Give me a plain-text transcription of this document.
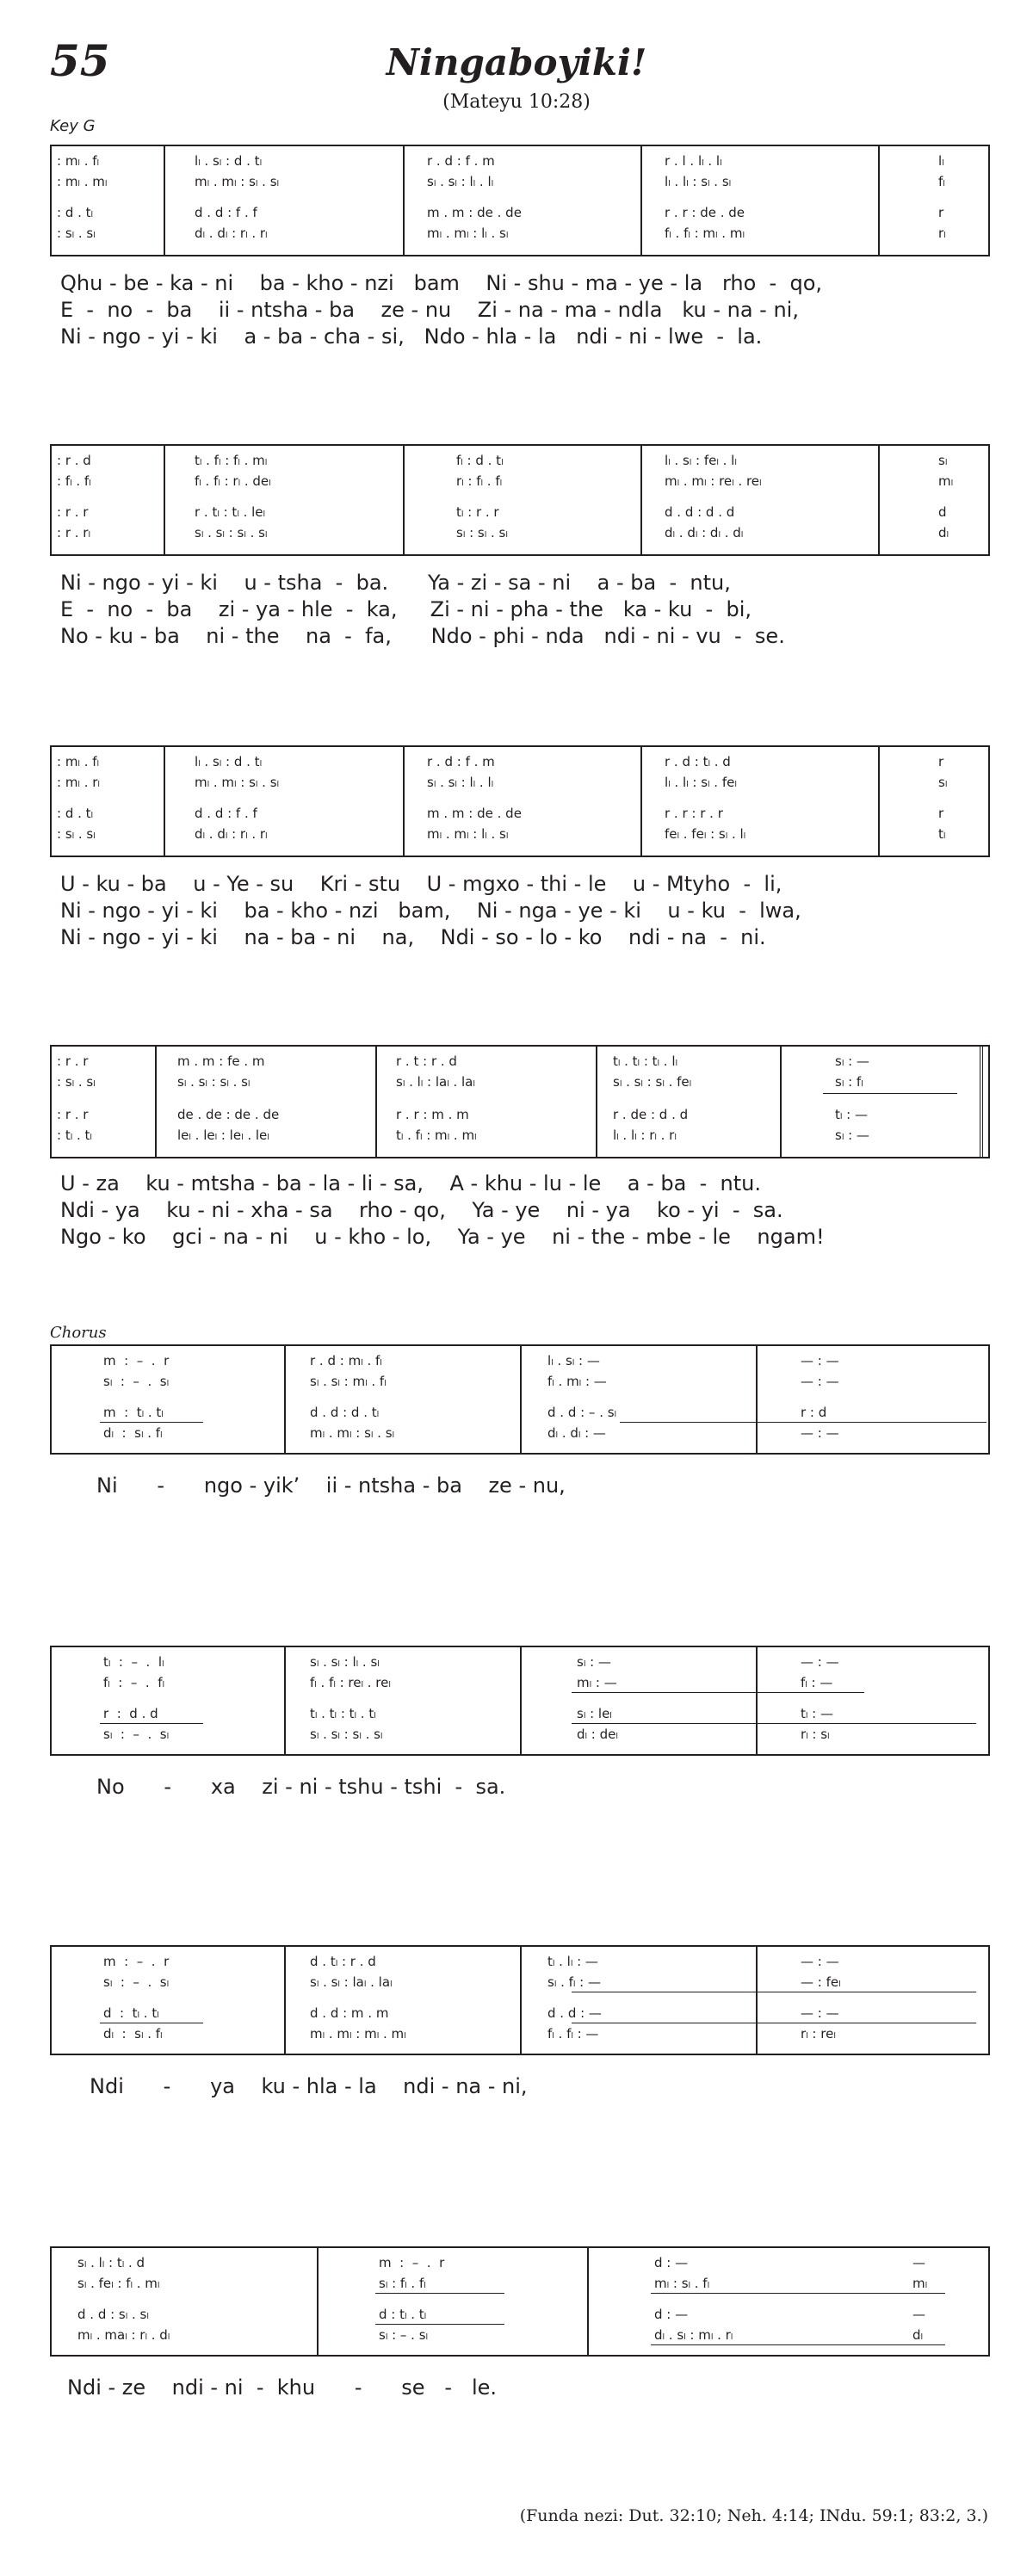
55	Ningaboyiki!
(Mateyu 10:28)
Key G
: mₗ . fₗ	lₗ . sₗ : d . tₗ	r . d : f . m	r . l . lₗ . lₗ	lₗ
: mₗ . mₗ	mₗ . mₗ : sₗ . sₗ	sₗ . sₗ : lₗ . lₗ	lₗ . lₗ : sₗ . sₗ	fₗ
: d . tₗ	d . d : f . f	m . m : de . de	r . r : de . de	r
: sₗ . sₗ	dₗ . dₗ : rₗ . rₗ	mₗ . mₗ : lₗ . sₗ	fₗ . fₗ : mₗ . mₗ	rₗ
Qhu - be - ka - ni    ba - kho - nzi   bam    Ni - shu - ma - ye - la   rho  -  qo,
E  -  no  -  ba    ii - ntsha - ba    ze - nu    Zi - na - ma - ndla   ku - na - ni,
Ni - ngo - yi - ki    a - ba - cha - si,   Ndo - hla - la   ndi - ni - lwe  -  la.
: r . d	tₗ . fₗ : fₗ . mₗ	fₗ : d . tₗ	lₗ . sₗ : feₗ . lₗ	sₗ
: fₗ . fₗ	fₗ . fₗ : rₗ . deₗ	rₗ : fₗ . fₗ	mₗ . mₗ : reₗ . reₗ	mₗ
: r . r	r . tₗ : tₗ . leₗ	tₗ : r . r	d . d : d . d	d
: r . rₗ	sₗ . sₗ : sₗ . sₗ	sₗ : sₗ . sₗ	dₗ . dₗ : dₗ . dₗ	dₗ
Ni - ngo - yi - ki    u - tsha  -  ba.      Ya - zi - sa - ni    a - ba  -  ntu,
E  -  no  -  ba    zi - ya - hle  -  ka,     Zi - ni - pha - the   ka - ku  -  bi,
No - ku - ba    ni - the    na  -  fa,      Ndo - phi - nda   ndi - ni - vu  -  se.
: mₗ . fₗ	lₗ . sₗ : d . tₗ	r . d : f . m	r . d : tₗ . d	r
: mₗ . rₗ	mₗ . mₗ : sₗ . sₗ	sₗ . sₗ : lₗ . lₗ	lₗ . lₗ : sₗ . feₗ	sₗ
: d . tₗ	d . d : f . f	m . m : de . de	r . r : r . r	r
: sₗ . sₗ	dₗ . dₗ : rₗ . rₗ	mₗ . mₗ : lₗ . sₗ	feₗ . feₗ : sₗ . lₗ	tₗ
U - ku - ba    u - Ye - su    Kri - stu    U - mgxo - thi - le    u - Mtyho  -  li,
Ni - ngo - yi - ki    ba - kho - nzi   bam,    Ni - nga - ye - ki    u - ku  -  lwa,
Ni - ngo - yi - ki    na - ba - ni    na,    Ndi - so - lo - ko    ndi - na  -  ni.
: r . r	m . m : fe . m	r . t : r . d	tₗ . tₗ : tₗ . lₗ	sₗ : —
: sₗ . sₗ	sₗ . sₗ : sₗ . sₗ	sₗ . lₗ : laₗ . laₗ	sₗ . sₗ : sₗ . feₗ	sₗ : fₗ
: r . r	de . de : de . de	r . r : m . m	r . de : d . d	tₗ : —
: tₗ . tₗ	leₗ . leₗ : leₗ . leₗ	tₗ . fₗ : mₗ . mₗ	lₗ . lₗ : rₗ . rₗ	sₗ : —
U - za    ku - mtsha - ba - la - li - sa,    A - khu - lu - le    a - ba  -  ntu.
Ndi - ya    ku - ni - xha - sa    rho - qo,    Ya - ye    ni - ya    ko - yi  -  sa.
Ngo - ko    gci - na - ni    u - kho - lo,    Ya - ye    ni - the - mbe - le    ngam!
Chorus
m  :  –  .  r	r . d : mₗ . fₗ	lₗ . sₗ : —	— : —
sₗ  :  –  .  sₗ	sₗ . sₗ : mₗ . fₗ	fₗ . mₗ : —	— : —
m  :  tₗ . tₗ	d . d : d . tₗ	d . d : – . sₗ	r : d
dₗ  :  sₗ . fₗ	mₗ . mₗ : sₗ . sₗ	dₗ . dₗ : —	— : —
Ni      -      ngo - yik’    ii - ntsha - ba    ze - nu,
tₗ  :  –  .  lₗ	sₗ . sₗ : lₗ . sₗ	sₗ : —	— : —
fₗ  :  –  .  fₗ	fₗ . fₗ : reₗ . reₗ	mₗ : —	fₗ : —
r  :  d . d	tₗ . tₗ : tₗ . tₗ	sₗ : leₗ	tₗ : —
sₗ  :  –  .  sₗ	sₗ . sₗ : sₗ . sₗ	dₗ : deₗ	rₗ : sₗ
No      -      xa    zi - ni - tshu - tshi  -  sa.
m  :  –  .  r	d . tₗ : r . d	tₗ . lₗ : —	— : —
sₗ  :  –  .  sₗ	sₗ . sₗ : laₗ . laₗ	sₗ . fₗ : —	— : feₗ
d  :  tₗ . tₗ	d . d : m . m	d . d : —	— : —
dₗ  :  sₗ . fₗ	mₗ . mₗ : mₗ . mₗ	fₗ . fₗ : —	rₗ : reₗ
Ndi      -      ya    ku - hla - la    ndi - na - ni,
sₗ . lₗ : tₗ . d	m  :  –  .  r	d : —	—
sₗ . feₗ : fₗ . mₗ	sₗ : fₗ . fₗ	mₗ : sₗ . fₗ	mₗ
d . d : sₗ . sₗ	d : tₗ . tₗ	d : —	—
mₗ . maₗ : rₗ . dₗ	sₗ : – . sₗ	dₗ . sₗ : mₗ . rₗ	dₗ
Ndi - ze    ndi - ni  -  khu      -      se   -   le.
(Funda nezi: Dut. 32:10; Neh. 4:14; INdu. 59:1; 83:2, 3.)
